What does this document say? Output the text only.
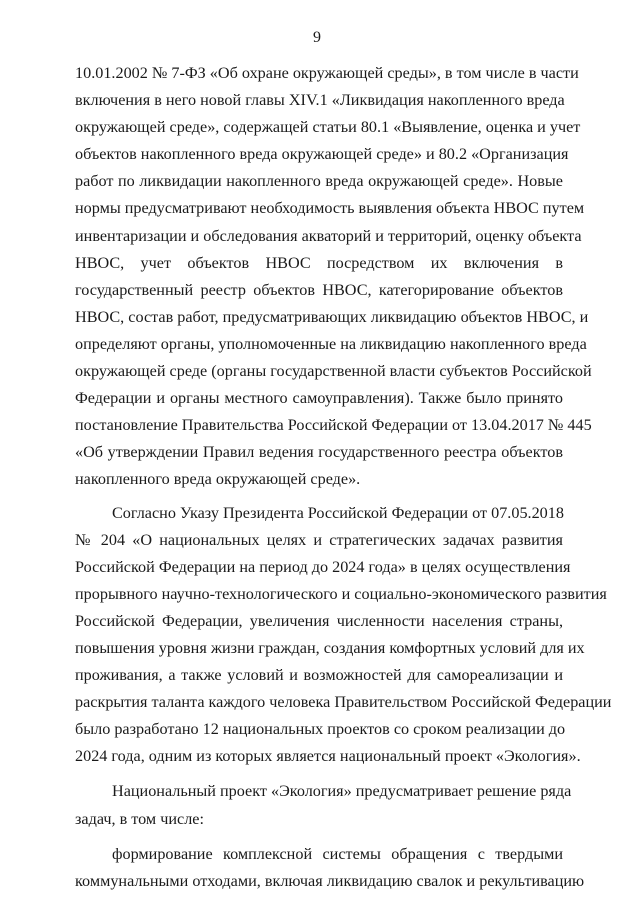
9
10.01.2002 № 7-ФЗ «Об охране окружающей среды», в том числе в части
включения в него новой главы XIV.1 «Ликвидация накопленного вреда
окружающей среде», содержащей статьи 80.1 «Выявление, оценка и учет
объектов накопленного вреда окружающей среде» и 80.2 «Организация
работ по ликвидации накопленного вреда окружающей среде». Новые
нормы предусматривают необходимость выявления объекта НВОС путем
инвентаризации и обследования акваторий и территорий, оценку объекта
НВОС, учет объектов НВОС посредством их включения в
государственный реестр объектов НВОС, категорирование объектов
НВОС, состав работ, предусматривающих ликвидацию объектов НВОС, и
определяют органы, уполномоченные на ликвидацию накопленного вреда
окружающей среде (органы государственной власти субъектов Российской
Федерации и органы местного самоуправления). Также было принято
постановление Правительства Российской Федерации от 13.04.2017 № 445
«Об утверждении Правил ведения государственного реестра объектов
накопленного вреда окружающей среде».
Согласно Указу Президента Российской Федерации от 07.05.2018
№ 204 «О национальных целях и стратегических задачах развития
Российской Федерации на период до 2024 года» в целях осуществления
прорывного научно-технологического и социально-экономического развития
Российской Федерации, увеличения численности населения страны,
повышения уровня жизни граждан, создания комфортных условий для их
проживания, а также условий и возможностей для самореализации и
раскрытия таланта каждого человека Правительством Российской Федерации
было разработано 12 национальных проектов со сроком реализации до
2024 года, одним из которых является национальный проект «Экология».
Национальный проект «Экология» предусматривает решение ряда
задач, в том числе:
формирование комплексной системы обращения с твердыми
коммунальными отходами, включая ликвидацию свалок и рекультивацию
